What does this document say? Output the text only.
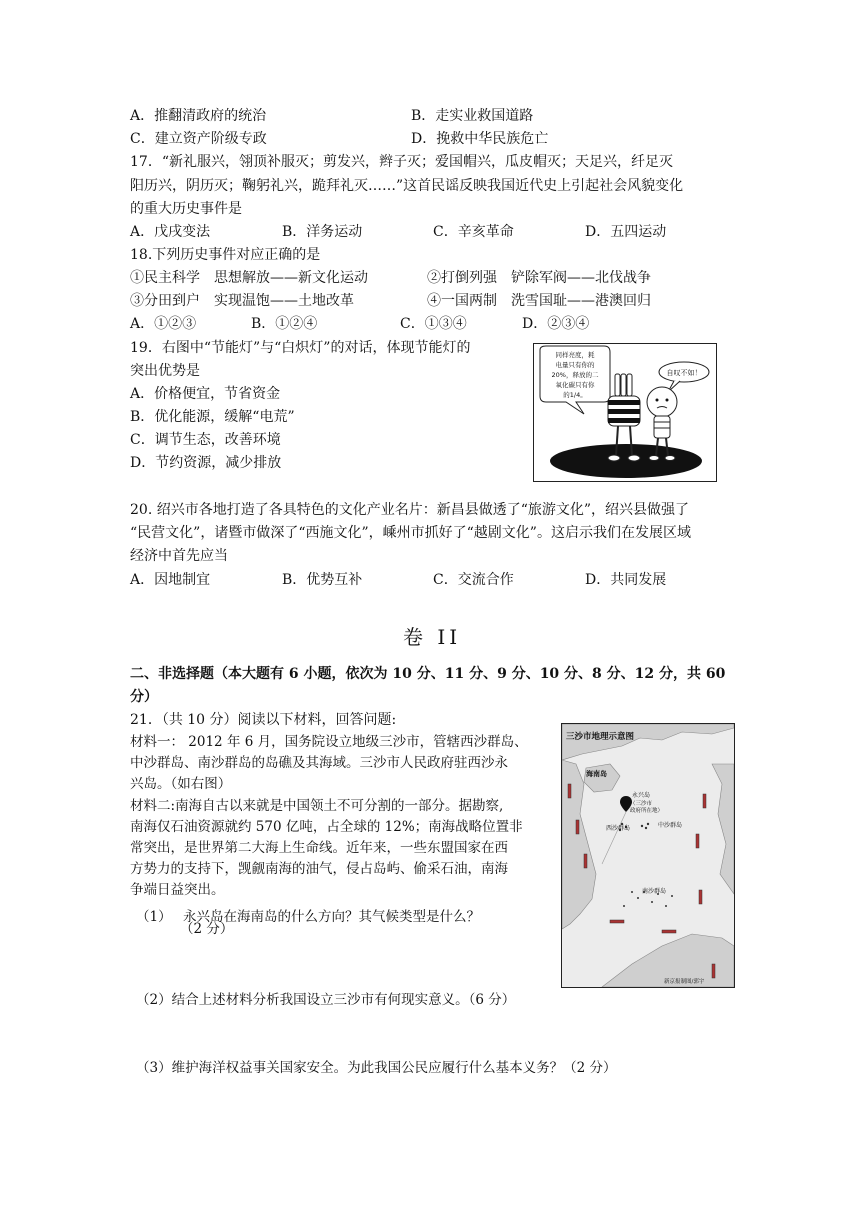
A．推翻清政府的统治	B．走实业救国道路
C．建立资产阶级专政	D．挽救中华民族危亡
17．“新礼服兴，翎顶补服灭；剪发兴，辫子灭；爱国帽兴，瓜皮帽灭；天足兴，纤足灭
阳历兴，阴历灭；鞠躬礼兴，跪拜礼灭……”这首民谣反映我国近代史上引起社会风貌变化
的重大历史事件是
A．戊戌变法	B．洋务运动	C．辛亥革命	D．五四运动
18.下列历史事件对应正确的是
①民主科学　思想解放——新文化运动	②打倒列强　铲除军阀——北伐战争
③分田到户　实现温饱——土地改革	④一国两制　洗雪国耻——港澳回归
A．①②③	B．①②④	C．①③④	D．②③④
19．右图中“节能灯”与“白炽灯”的对话，体现节能灯的
突出优势是
A．价格便宜，节省资金
B．优化能源，缓解“电荒”
C．调节生态，改善环境
D．节约资源，减少排放
同样亮度，耗
电量只有你的
20%，释放的二
氧化碳只有你
的1/4。
自叹不如！
20. 绍兴市各地打造了各具特色的文化产业名片：新昌县做透了“旅游文化”，绍兴县做强了
“民营文化”，诸暨市做深了“西施文化”，嵊州市抓好了“越剧文化”。这启示我们在发展区域
经济中首先应当
A．因地制宜	B．优势互补	C．交流合作	D．共同发展
卷 II
二、非选择题（本大题有 6 小题，依次为 10 分、11 分、9 分、10 分、8 分、12 分，共 60
分）
21．（共 10 分）阅读以下材料，回答问题:
材料一： 2012 年 6 月，国务院设立地级三沙市，管辖西沙群岛、
中沙群岛、南沙群岛的岛礁及其海域。三沙市人民政府驻西沙永
兴岛。（如右图）
材料二:南海自古以来就是中国领土不可分割的一部分。据勘察,
南海仅石油资源就约 570 亿吨，占全球的 12%；南海战略位置非
常突出，是世界第二大海上生命线。近年来，一些东盟国家在西
方势力的支持下，觊觎南海的油气，侵占岛屿、偷采石油，南海
争端日益突出。
（1） 永兴岛在海南岛的什么方向？其气候类型是什么？
（2 分）
（2）结合上述材料分析我国设立三沙市有何现实意义。（6 分）
（3）维护海洋权益事关国家安全。为此我国公民应履行什么基本义务？（2 分）
三沙市地理示意图
海南岛
永兴岛
（三沙市
政府所在地）
西沙群岛	中沙群岛
南沙群岛
新京报制图/郭宇
